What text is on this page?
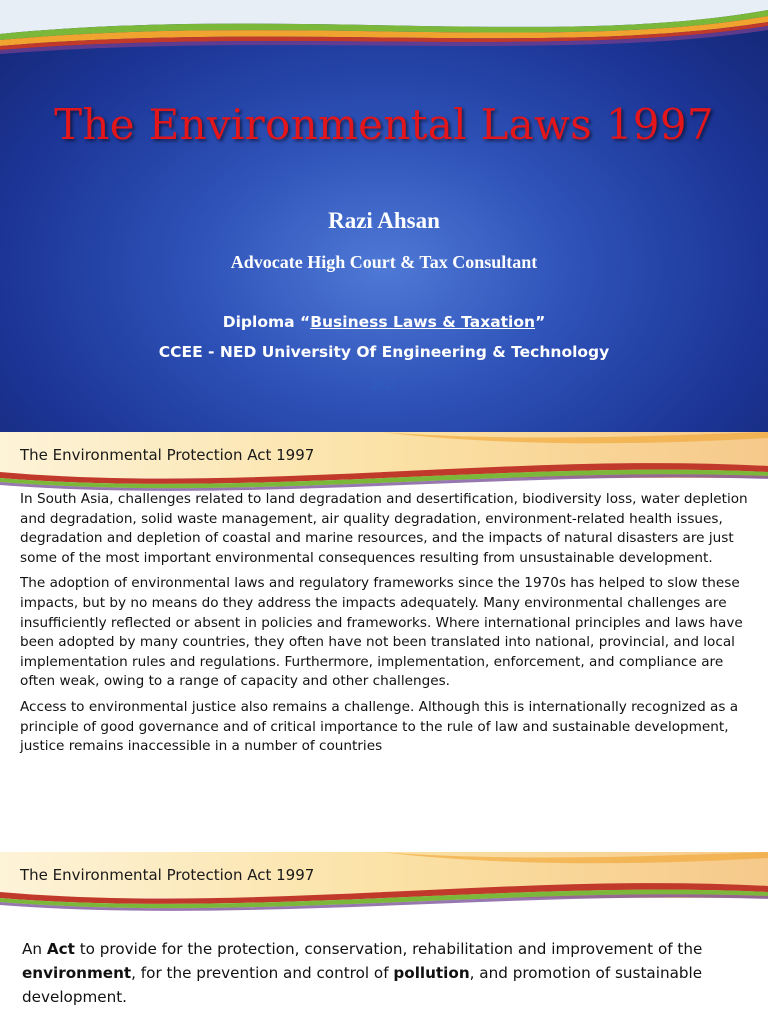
The Environmental Laws 1997
Razi Ahsan
Advocate High Court & Tax Consultant
Diploma “Business Laws & Taxation”
CCEE - NED University Of Engineering & Technology
2021
The Environmental Protection Act 1997

In South Asia, challenges related to land degradation and desertification, biodiversity loss, water depletion and degradation, solid waste management, air quality degradation, environment-related health issues, degradation and depletion of coastal and marine resources, and the impacts of natural disasters are just some of the most important environmental consequences resulting from unsustainable development.

The adoption of environmental laws and regulatory frameworks since the 1970s has helped to slow these impacts, but by no means do they address the impacts adequately. Many environmental challenges are insufficiently reflected or absent in policies and frameworks. Where international principles and laws have been adopted by many countries, they often have not been translated into national, provincial, and local implementation rules and regulations. Furthermore, implementation, enforcement, and compliance are often weak, owing to a range of capacity and other challenges.

Access to environmental justice also remains a challenge. Although this is internationally recognized as a principle of good governance and of critical importance to the rule of law and sustainable development, justice remains inaccessible in a number of countries

The Environmental Protection Act 1997
An Act to provide for the protection, conservation, rehabilitation and improvement of the environment, for the prevention and control of pollution, and promotion of sustainable development.
